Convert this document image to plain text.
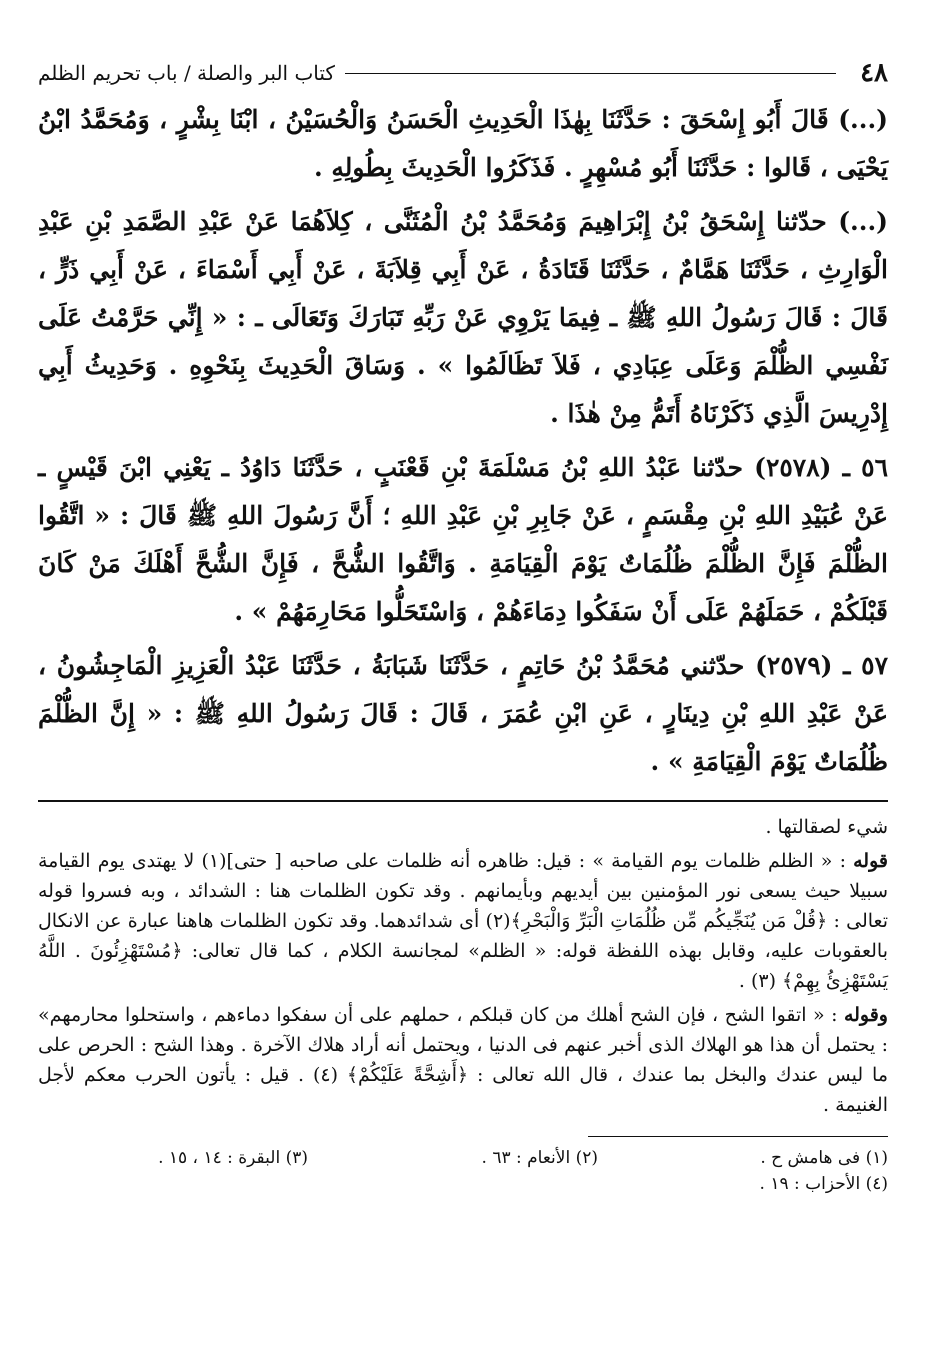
٤٨
كتاب البر والصلة / باب تحريم الظلم

(...) قَالَ أَبُو إِسْحَقَ : حَدَّثَنَا بِهٰذَا الْحَدِيثِ الْحَسَنُ وَالْحُسَيْنُ ، ابْنَا بِشْرٍ ، وَمُحَمَّدُ ابْنُ يَحْيَى ، قَالوا : حَدَّثَنَا أَبُو مُسْهِرٍ . فَذَكَرُوا الْحَدِيثَ بِطُولِهِ .

(...) حدّثنا إِسْحَقُ بْنُ إِبْرَاهِيمَ وَمُحَمَّدُ بْنُ الْمُثَنَّى ، كِلاَهُمَا عَنْ عَبْدِ الصَّمَدِ بْنِ عَبْدِ الْوَارِثِ ، حَدَّثَنَا هَمَّامٌ ، حَدَّثَنَا قَتَادَةُ ، عَنْ أَبِي قِلاَبَةَ ، عَنْ أَبِي أَسْمَاءَ ، عَنْ أَبِي ذَرٍّ ، قَالَ : قَالَ رَسُولُ اللهِ ﷺ ـ فِيمَا يَرْوِي عَنْ رَبِّهِ تَبَارَكَ وَتَعَالَى ـ : « إِنِّي حَرَّمْتُ عَلَى نَفْسِي الظُّلْمَ وَعَلَى عِبَادِي ، فَلاَ تَظَالَمُوا » . وَسَاقَ الْحَدِيثَ بِنَحْوِهِ . وَحَدِيثُ أَبِي إِدْرِيسَ الَّذِي ذَكَرْنَاهُ أَتَمُّ مِنْ هٰذَا .

٥٦ ـ (٢٥٧٨) حدّثنا عَبْدُ اللهِ بْنُ مَسْلَمَةَ بْنِ قَعْنَبٍ ، حَدَّثَنَا دَاوُدُ ـ يَعْنِي ابْنَ قَيْسٍ ـ عَنْ عُبَيْدِ اللهِ بْنِ مِقْسَمٍ ، عَنْ جَابِرِ بْنِ عَبْدِ اللهِ ؛ أَنَّ رَسُولَ اللهِ ﷺ قَالَ : « اتَّقُوا الظُّلْمَ فَإِنَّ الظُّلْمَ ظُلُمَاتٌ يَوْمَ الْقِيَامَةِ . وَاتَّقُوا الشُّحَّ ، فَإِنَّ الشُّحَّ أَهْلَكَ مَنْ كَانَ قَبْلَكُمْ ، حَمَلَهُمْ عَلَى أَنْ سَفَكُوا دِمَاءَهُمْ ، وَاسْتَحَلُّوا مَحَارِمَهُمْ » .

٥٧ ـ (٢٥٧٩) حدّثني مُحَمَّدُ بْنُ حَاتِمٍ ، حَدَّثَنَا شَبَابَةُ ، حَدَّثَنَا عَبْدُ الْعَزِيزِ الْمَاجِشُونُ ، عَنْ عَبْدِ اللهِ بْنِ دِينَارٍ ، عَنِ ابْنِ عُمَرَ ، قَالَ : قَالَ رَسُولُ اللهِ ﷺ : « إِنَّ الظُّلْمَ ظُلُمَاتٌ يَوْمَ الْقِيَامَةِ » .

شيء لصقالتها .

قوله : « الظلم ظلمات يوم القيامة » : قيل: ظاهره أنه ظلمات على صاحبه [ حتى](١) لا يهتدى يوم القيامة سبيلا حيث يسعى نور المؤمنين بين أيديهم وبأيمانهم . وقد تكون الظلمات هنا : الشدائد ، وبه فسروا قوله تعالى : ﴿قُلْ مَن يُنَجِّيكُم مِّن ظُلُمَاتِ الْبَرِّ وَالْبَحْرِ﴾(٢) أى شدائدهما. وقد تكون الظلمات هاهنا عبارة عن الانكال بالعقوبات عليه، وقابل بهذه اللفظة قوله: « الظلم» لمجانسة الكلام ، كما قال تعالى: ﴿مُسْتَهْزِئُونَ . اللَّهُ يَسْتَهْزِئُ بِهِمْ﴾ (٣) .

وقوله : « اتقوا الشح ، فإن الشح أهلك من كان قبلكم ، حملهم على أن سفكوا دماءهم ، واستحلوا محارمهم» : يحتمل أن هذا هو الهلاك الذى أخبر عنهم فى الدنيا ، ويحتمل أنه أراد هلاك الآخرة . وهذا الشح : الحرص على ما ليس عندك والبخل بما عندك ، قال الله تعالى : ﴿أَشِحَّةً عَلَيْكُمْ﴾ (٤) . قيل : يأتون الحرب معكم لأجل الغنيمة .

(١) فى هامش ح .
(٢) الأنعام : ٦٣ .
(٣) البقرة : ١٤ ، ١٥ .
(٤) الأحزاب : ١٩ .
